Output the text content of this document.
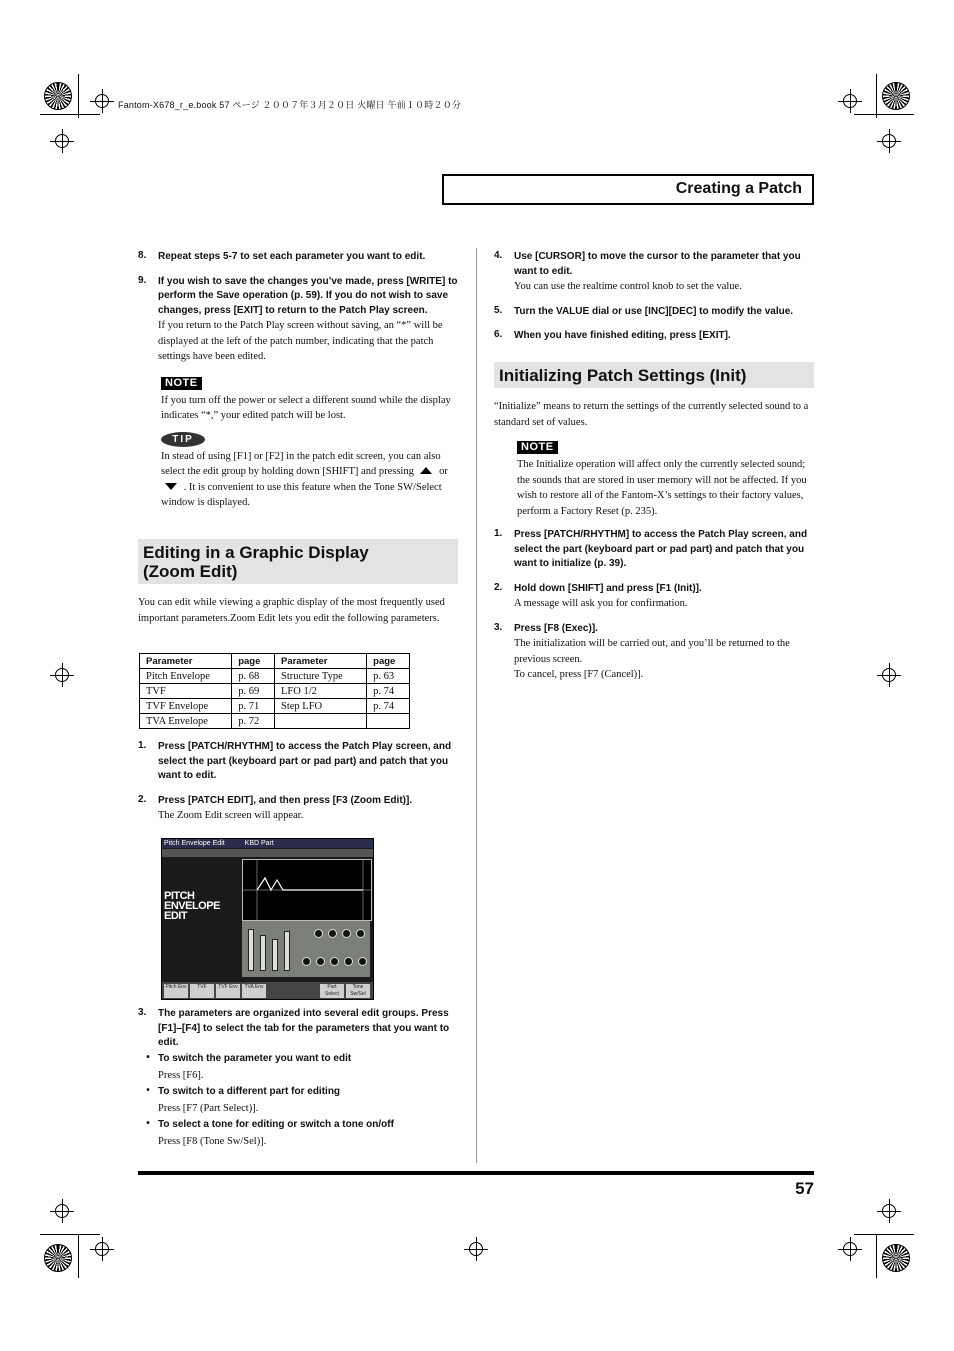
Fantom-X678_r_e.book 57 ページ ２００７年３月２０日 火曜日 午前１０時２０分
Creating a Patch
8.	Repeat steps 5-7 to set each parameter you want to edit.
9.	If you wish to save the changes you’ve made, press [WRITE] to perform the Save operation (p. 59). If you do not wish to save changes, press [EXIT] to return to the Patch Play screen.
If you return to the Patch Play screen without saving, an “*” will be displayed at the left of the patch number, indicating that the patch settings have been edited.
NOTE
If you turn off the power or select a different sound while the display indicates “*,” your edited patch will be lost.
TIP
In stead of using [F1] or [F2] in the patch edit screen, you can also select the edit group by holding down [SHIFT] and pressing or  . It is convenient to use this feature when the Tone SW/Select window is displayed.
Editing in a Graphic Display
(Zoom Edit)
You can edit while viewing a graphic display of the most frequently used important parameters.Zoom Edit lets you edit the following parameters.
Parameter	page	Parameter	page
Pitch Envelope	p. 68	Structure Type	p. 63
TVF	p. 69	LFO 1/2	p. 74
TVF Envelope	p. 71	Step LFO	p. 74
TVA Envelope	p. 72		
1.	Press [PATCH/RHYTHM] to access the Patch Play screen, and select the part (keyboard part or pad part) and patch that you want to edit.
2.	Press [PATCH EDIT], and then press [F3 (Zoom Edit)].
The Zoom Edit screen will appear.
Pitch Envelope Edit	KBD Part
PITCH
ENVELOPE
EDIT
Pitch Env	TVF	TVF Env	TVA Env	Part Select
Tone Sw/Sel
3.	The parameters are organized into several edit groups. Press [F1]–[F4] to select the tab for the parameters that you want to edit.
• To switch the parameter you want to edit
Press [F6].
• To switch to a different part for editing
Press [F7 (Part Select)].
• To select a tone for editing or switch a tone on/off
Press [F8 (Tone Sw/Sel)].
4.	Use [CURSOR] to move the cursor to the parameter that you want to edit.
You can use the realtime control knob to set the value.
5.	Turn the VALUE dial or use [INC][DEC] to modify the value.
6.	When you have finished editing, press [EXIT].
Initializing Patch Settings (Init)
“Initialize” means to return the settings of the currently selected sound to a standard set of values.
NOTE
The Initialize operation will affect only the currently selected sound; the sounds that are stored in user memory will not be affected. If you wish to restore all of the Fantom-X’s settings to their factory values, perform a Factory Reset (p. 235).
1.	Press [PATCH/RHYTHM] to access the Patch Play screen, and select the part (keyboard part or pad part) and patch that you want to initialize (p. 39).
2.	Hold down [SHIFT] and press [F1 (Init)].
A message will ask you for confirmation.
3.	Press [F8 (Exec)].
The initialization will be carried out, and you’ll be returned to the previous screen.
To cancel, press [F7 (Cancel)].
57
